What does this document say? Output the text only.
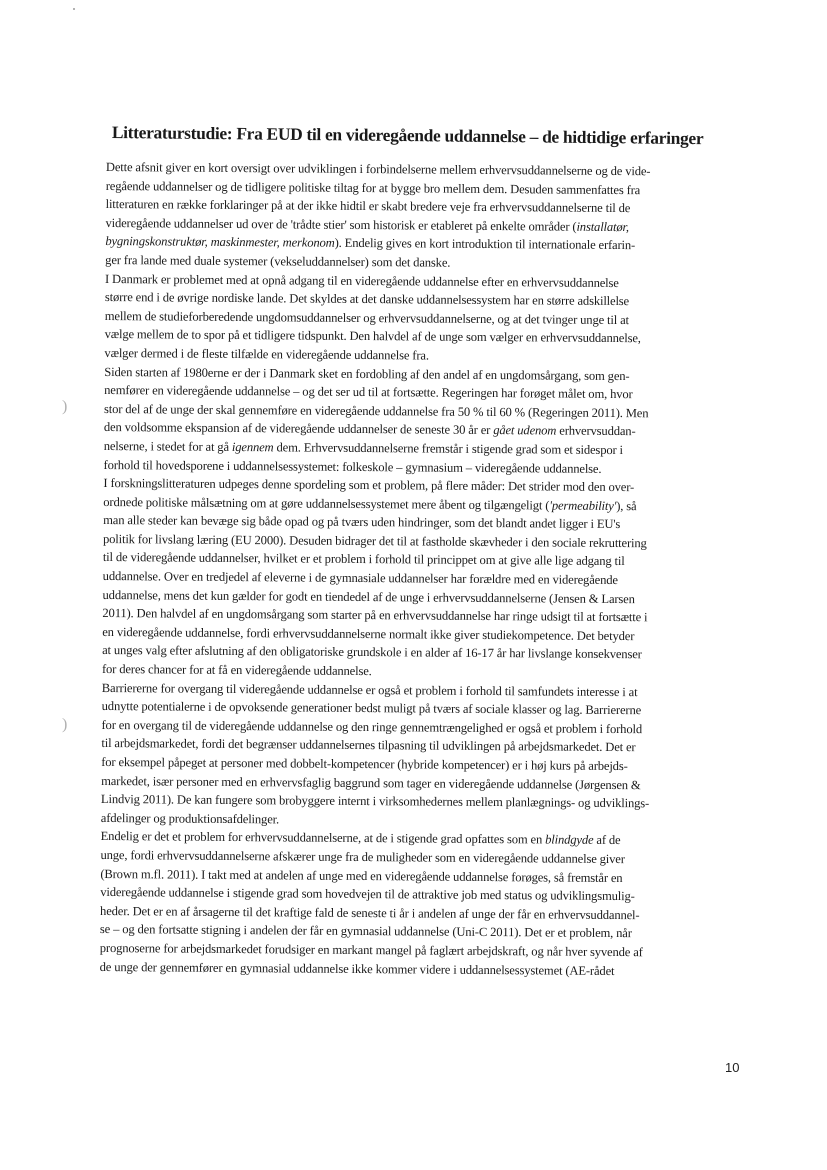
)
)
Litteraturstudie: Fra EUD til en videregående uddannelse – de hidtidige erfaringer
Dette afsnit giver en kort oversigt over udviklingen i forbindelserne mellem erhvervsuddannelserne og de vide-
regående uddannelser og de tidligere politiske tiltag for at bygge bro mellem dem. Desuden sammenfattes fra
litteraturen en række forklaringer på at der ikke hidtil er skabt bredere veje fra erhvervsuddannelserne til de
videregående uddannelser ud over de 'trådte stier' som historisk er etableret på enkelte områder (installatør,
bygningskonstruktør, maskinmester, merkonom). Endelig gives en kort introduktion til internationale erfarin-
ger fra lande med duale systemer (vekseluddannelser) som det danske.
I Danmark er problemet med at opnå adgang til en videregående uddannelse efter en erhvervsuddannelse
større end i de øvrige nordiske lande. Det skyldes at det danske uddannelsessystem har en større adskillelse
mellem de studieforberedende ungdomsuddannelser og erhvervsuddannelserne, og at det tvinger unge til at
vælge mellem de to spor på et tidligere tidspunkt. Den halvdel af de unge som vælger en erhvervsuddannelse,
vælger dermed i de fleste tilfælde en videregående uddannelse fra.
Siden starten af 1980erne er der i Danmark sket en fordobling af den andel af en ungdomsårgang, som gen-
nemfører en videregående uddannelse – og det ser ud til at fortsætte. Regeringen har forøget målet om, hvor
stor del af de unge der skal gennemføre en videregående uddannelse fra 50 % til 60 % (Regeringen 2011). Men
den voldsomme ekspansion af de videregående uddannelser de seneste 30 år er gået udenom erhvervsuddan-
nelserne, i stedet for at gå igennem dem. Erhvervsuddannelserne fremstår i stigende grad som et sidespor i
forhold til hovedsporene i uddannelsessystemet: folkeskole – gymnasium – videregående uddannelse.
I forskningslitteraturen udpeges denne spordeling som et problem, på flere måder: Det strider mod den over-
ordnede politiske målsætning om at gøre uddannelsessystemet mere åbent og tilgængeligt ('permeability'), så
man alle steder kan bevæge sig både opad og på tværs uden hindringer, som det blandt andet ligger i EU's
politik for livslang læring (EU 2000). Desuden bidrager det til at fastholde skævheder i den sociale rekruttering
til de videregående uddannelser, hvilket er et problem i forhold til princippet om at give alle lige adgang til
uddannelse. Over en tredjedel af eleverne i de gymnasiale uddannelser har forældre med en videregående
uddannelse, mens det kun gælder for godt en tiendedel af de unge i erhvervsuddannelserne (Jensen & Larsen
2011). Den halvdel af en ungdomsårgang som starter på en erhvervsuddannelse har ringe udsigt til at fortsætte i
en videregående uddannelse, fordi erhvervsuddannelserne normalt ikke giver studiekompetence. Det betyder
at unges valg efter afslutning af den obligatoriske grundskole i en alder af 16-17 år har livslange konsekvenser
for deres chancer for at få en videregående uddannelse.
Barriererne for overgang til videregående uddannelse er også et problem i forhold til samfundets interesse i at
udnytte potentialerne i de opvoksende generationer bedst muligt på tværs af sociale klasser og lag. Barriererne
for en overgang til de videregående uddannelse og den ringe gennemtrængelighed er også et problem i forhold
til arbejdsmarkedet, fordi det begrænser uddannelsernes tilpasning til udviklingen på arbejdsmarkedet. Det er
for eksempel påpeget at personer med dobbelt-kompetencer (hybride kompetencer) er i høj kurs på arbejds-
markedet, især personer med en erhvervsfaglig baggrund som tager en videregående uddannelse (Jørgensen &
Lindvig 2011). De kan fungere som brobyggere internt i virksomhedernes mellem planlægnings- og udviklings-
afdelinger og produktionsafdelinger.
Endelig er det et problem for erhvervsuddannelserne, at de i stigende grad opfattes som en blindgyde af de
unge, fordi erhvervsuddannelserne afskærer unge fra de muligheder som en videregående uddannelse giver
(Brown m.fl. 2011). I takt med at andelen af unge med en videregående uddannelse forøges, så fremstår en
videregående uddannelse i stigende grad som hovedvejen til de attraktive job med status og udviklingsmulig-
heder. Det er en af årsagerne til det kraftige fald de seneste ti år i andelen af unge der får en erhvervsuddannel-
se – og den fortsatte stigning i andelen der får en gymnasial uddannelse (Uni-C 2011). Det er et problem, når
prognoserne for arbejdsmarkedet forudsiger en markant mangel på faglært arbejdskraft, og når hver syvende af
de unge der gennemfører en gymnasial uddannelse ikke kommer videre i uddannelsessystemet (AE-rådet
10
